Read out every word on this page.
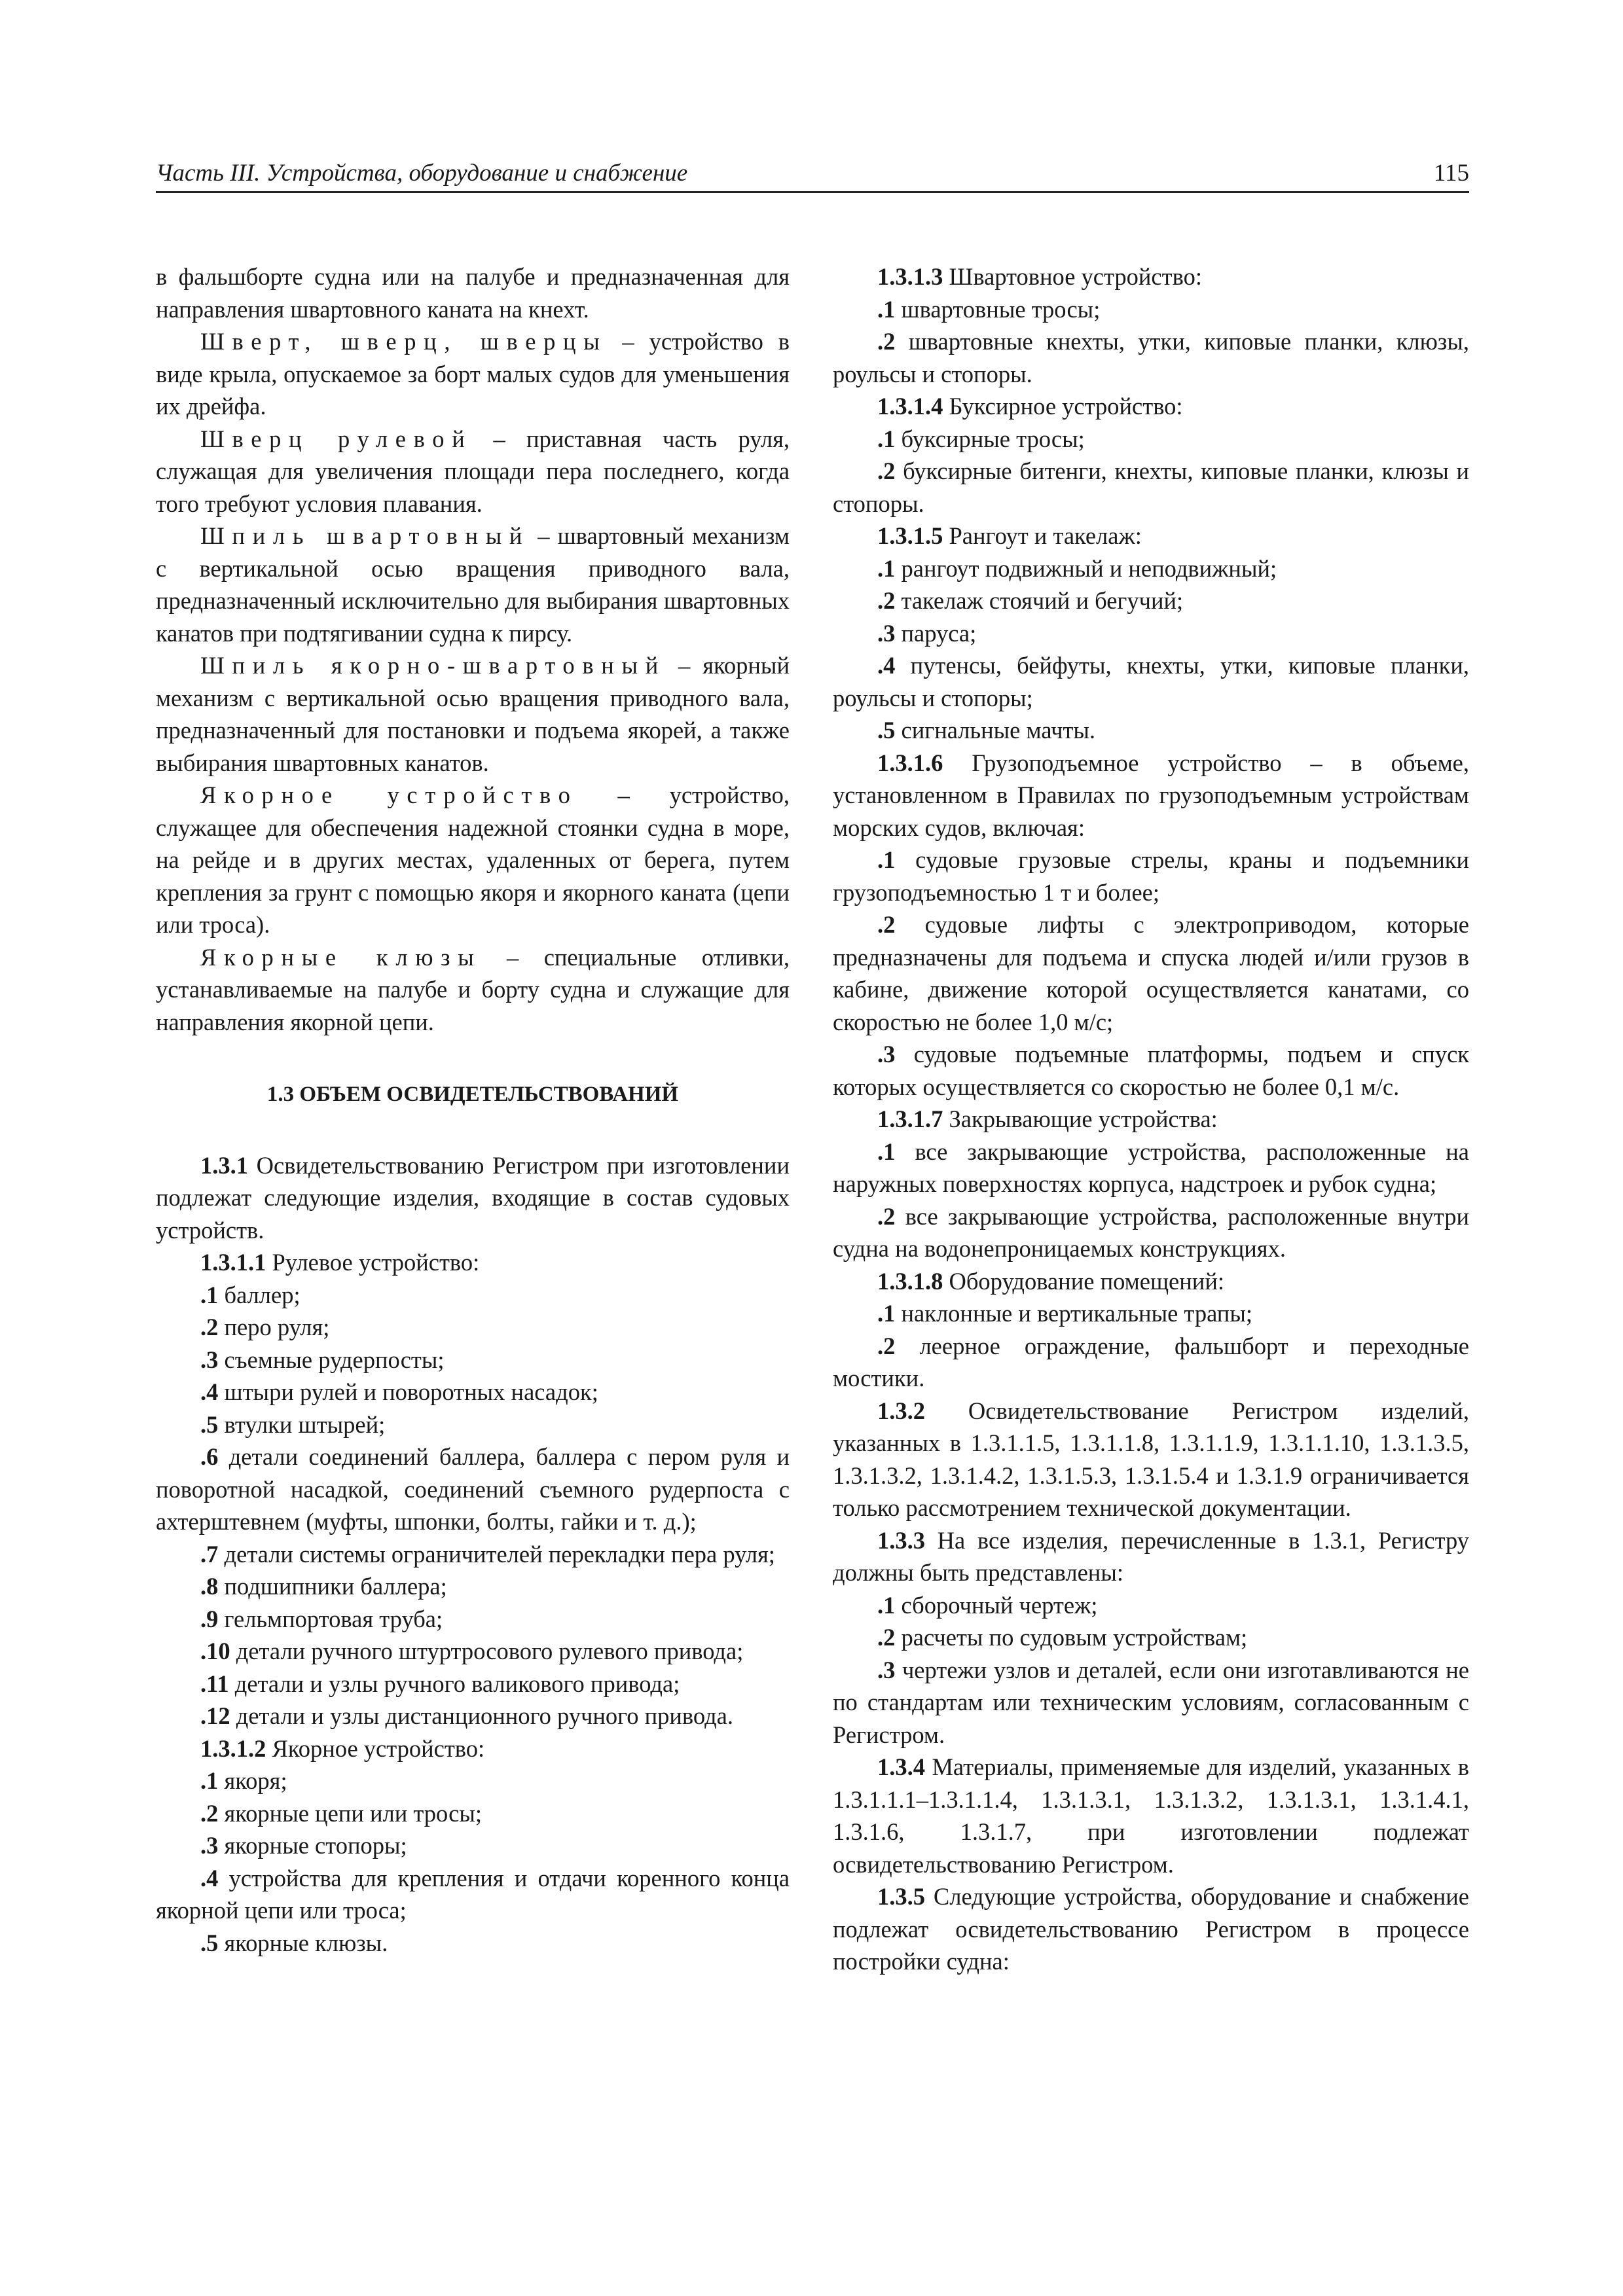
Часть III. Устройства, оборудование и снабжение	115

в фальшборте судна или на палубе и предназначенная для направления швартовного каната на кнехт.

Шверт, шверц, шверцы – устройство в виде крыла, опускаемое за борт малых судов для уменьшения их дрейфа.

Шверц рулевой – приставная часть руля, служащая для увеличения площади пера последнего, когда того требуют условия плавания.

Шпиль швартовный – швартовный механизм с вертикальной осью вращения приводного вала, предназначенный исключительно для выбирания швартовных канатов при подтягивании судна к пирсу.

Шпиль якорно-швартовный – якорный механизм с вертикальной осью вращения приводного вала, предназначенный для постановки и подъема якорей, а также выбирания швартовных канатов.

Якорное устройство – устройство, служащее для обеспечения надежной стоянки судна в море, на рейде и в других местах, удаленных от берега, путем крепления за грунт с помощью якоря и якорного каната (цепи или троса).

Якорные клюзы – специальные отливки, устанавливаемые на палубе и борту судна и служащие для направления якорной цепи.

1.3 ОБЪЕМ ОСВИДЕТЕЛЬСТВОВАНИЙ

1.3.1 Освидетельствованию Регистром при изготовлении подлежат следующие изделия, входящие в состав судовых устройств.

1.3.1.1 Рулевое устройство:

.1 баллер;

.2 перо руля;

.3 съемные рудерпосты;

.4 штыри рулей и поворотных насадок;

.5 втулки штырей;

.6 детали соединений баллера, баллера с пером руля и поворотной насадкой, соединений съемного рудерпоста с ахтерштевнем (муфты, шпонки, болты, гайки и т. д.);

.7 детали системы ограничителей перекладки пера руля;

.8 подшипники баллера;

.9 гельмпортовая труба;

.10 детали ручного штуртросового рулевого привода;

.11 детали и узлы ручного валикового привода;

.12 детали и узлы дистанционного ручного привода.

1.3.1.2 Якорное устройство:

.1 якоря;

.2 якорные цепи или тросы;

.3 якорные стопоры;

.4 устройства для крепления и отдачи коренного конца якорной цепи или троса;

.5 якорные клюзы.

1.3.1.3 Швартовное устройство:

.1 швартовные тросы;

.2 швартовные кнехты, утки, киповые планки, клюзы, роульсы и стопоры.

1.3.1.4 Буксирное устройство:

.1 буксирные тросы;

.2 буксирные битенги, кнехты, киповые планки, клюзы и стопоры.

1.3.1.5 Рангоут и такелаж:

.1 рангоут подвижный и неподвижный;

.2 такелаж стоячий и бегучий;

.3 паруса;

.4 путенсы, бейфуты, кнехты, утки, киповые планки, роульсы и стопоры;

.5 сигнальные мачты.

1.3.1.6 Грузоподъемное устройство – в объеме, установленном в Правилах по грузоподъемным устройствам морских судов, включая:

.1 судовые грузовые стрелы, краны и подъемники грузоподъемностью 1 т и более;

.2 судовые лифты с электроприводом, которые предназначены для подъема и спуска людей и/или грузов в кабине, движение которой осуществляется канатами, со скоростью не более 1,0 м/с;

.3 судовые подъемные платформы, подъем и спуск которых осуществляется со скоростью не более 0,1 м/с.

1.3.1.7 Закрывающие устройства:

.1 все закрывающие устройства, расположенные на наружных поверхностях корпуса, надстроек и рубок судна;

.2 все закрывающие устройства, расположенные внутри судна на водонепроницаемых конструкциях.

1.3.1.8 Оборудование помещений:

.1 наклонные и вертикальные трапы;

.2 леерное ограждение, фальшборт и переходные мостики.

1.3.2 Освидетельствование Регистром изделий, указанных в 1.3.1.1.5, 1.3.1.1.8, 1.3.1.1.9, 1.3.1.1.10, 1.3.1.3.5, 1.3.1.3.2, 1.3.1.4.2, 1.3.1.5.3, 1.3.1.5.4 и 1.3.1.9 ограничивается только рассмотрением технической документации.

1.3.3 На все изделия, перечисленные в 1.3.1, Регистру должны быть представлены:

.1 сборочный чертеж;

.2 расчеты по судовым устройствам;

.3 чертежи узлов и деталей, если они изготавливаются не по стандартам или техническим условиям, согласованным с Регистром.

1.3.4 Материалы, применяемые для изделий, указанных в 1.3.1.1.1–1.3.1.1.4, 1.3.1.3.1, 1.3.1.3.2, 1.3.1.3.1, 1.3.1.4.1, 1.3.1.6, 1.3.1.7, при изготовлении подлежат освидетельствованию Регистром.

1.3.5 Следующие устройства, оборудование и снабжение подлежат освидетельствованию Регистром в процессе постройки судна:
